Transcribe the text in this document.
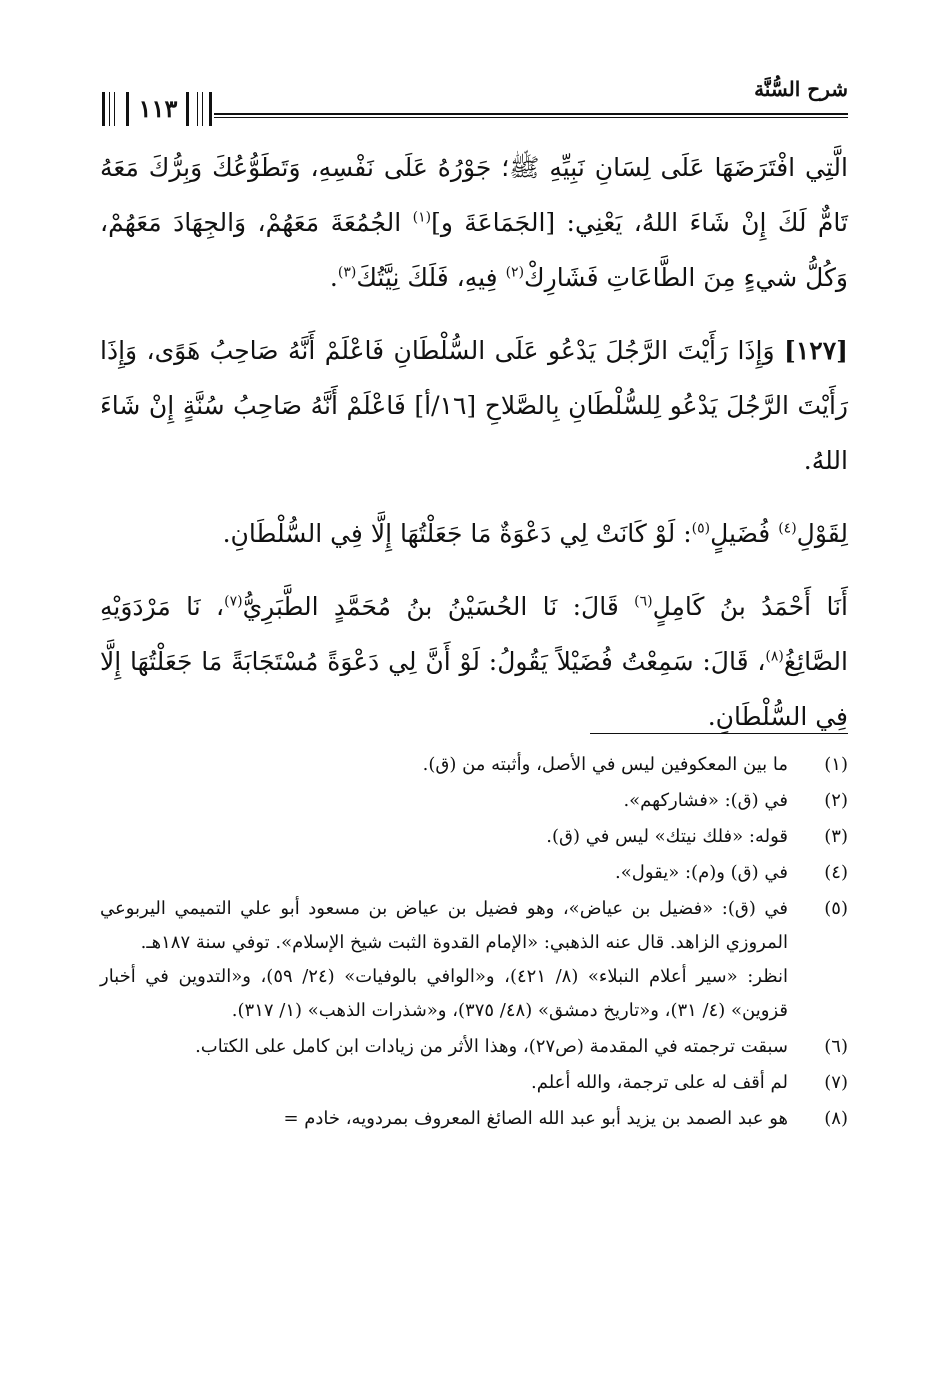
شرح السُّنَّة
١١٣

الَّتِي افْتَرَضَهَا عَلَى لِسَانِ نَبِيِّهِ ﷺ؛ جَوْرُهُ عَلَى نَفْسِهِ، وَتَطَوُّعُكَ وَبِرُّكَ مَعَهُ تَامٌّ لَكَ إِنْ شَاءَ اللهُ، يَعْنِي: [الجَمَاعَةَ و]$^{(١)}$ الجُمُعَةَ مَعَهُمْ، وَالجِهَادَ مَعَهُمْ، وَكُلُّ شيءٍ مِنَ الطَّاعَاتِ فَشَارِكْ$^{(٢)}$ فِيهِ، فَلَكَ نِيَّتُكَ$^{(٣)}$.

[١٢٧] وَإِذَا رَأَيْتَ الرَّجُلَ يَدْعُو عَلَى السُّلْطَانِ فَاعْلَمْ أَنَّهُ صَاحِبُ هَوًى، وَإِذَا رَأَيْتَ الرَّجُلَ يَدْعُو لِلسُّلْطَانِ بِالصَّلاحِ [١٦/أ] فَاعْلَمْ أَنَّهُ صَاحِبُ سُنَّةٍ إِنْ شَاءَ اللهُ.

لِقَوْلِ$^{(٤)}$ فُضَيلٍ$^{(٥)}$: لَوْ كَانَتْ لِي دَعْوَةٌ مَا جَعَلْتُهَا إِلَّا فِي السُّلْطَانِ.

أَنَا أَحْمَدُ بنُ كَامِلٍ$^{(٦)}$ قَالَ: نَا الحُسَيْنُ بنُ مُحَمَّدٍ الطَّبَرِيُّ$^{(٧)}$، نَا مَرْدَوَيْهِ الصَّائِغُ$^{(٨)}$، قَالَ: سَمِعْتُ فُضَيْلاً يَقُولُ: لَوْ أَنَّ لِي دَعْوَةً مُسْتَجَابَةً مَا جَعَلْتُهَا إِلَّا فِي السُّلْطَانِ.

(١)
ما بين المعكوفين ليس في الأصل، وأثبته من (ق).
(٢)
في (ق): «فشاركهم».
(٣)
قوله: «فلك نيتك» ليس في (ق).
(٤)
في (ق) و(م): «يقول».
(٥)
في (ق): «فضيل بن عياض»، وهو فضيل بن عياض بن مسعود أبو علي التميمي اليربوعي المروزي الزاهد. قال عنه الذهبي: «الإمام القدوة الثبت شيخ الإسلام». توفي سنة ١٨٧هـ.
انظر: «سير أعلام النبلاء» (٨/ ٤٢١)، و«الوافي بالوفيات» (٢٤/ ٥٩)، و«التدوين في أخبار قزوين» (٤/ ٣١)، و«تاريخ دمشق» (٤٨/ ٣٧٥)، و«شذرات الذهب» (١/ ٣١٧).
(٦)
سبقت ترجمته في المقدمة (ص٢٧)، وهذا الأثر من زيادات ابن كامل على الكتاب.
(٧)
لم أقف له على ترجمة، والله أعلم.
(٨)
هو عبد الصمد بن يزيد أبو عبد الله الصائغ المعروف بمردويه، خادم =
